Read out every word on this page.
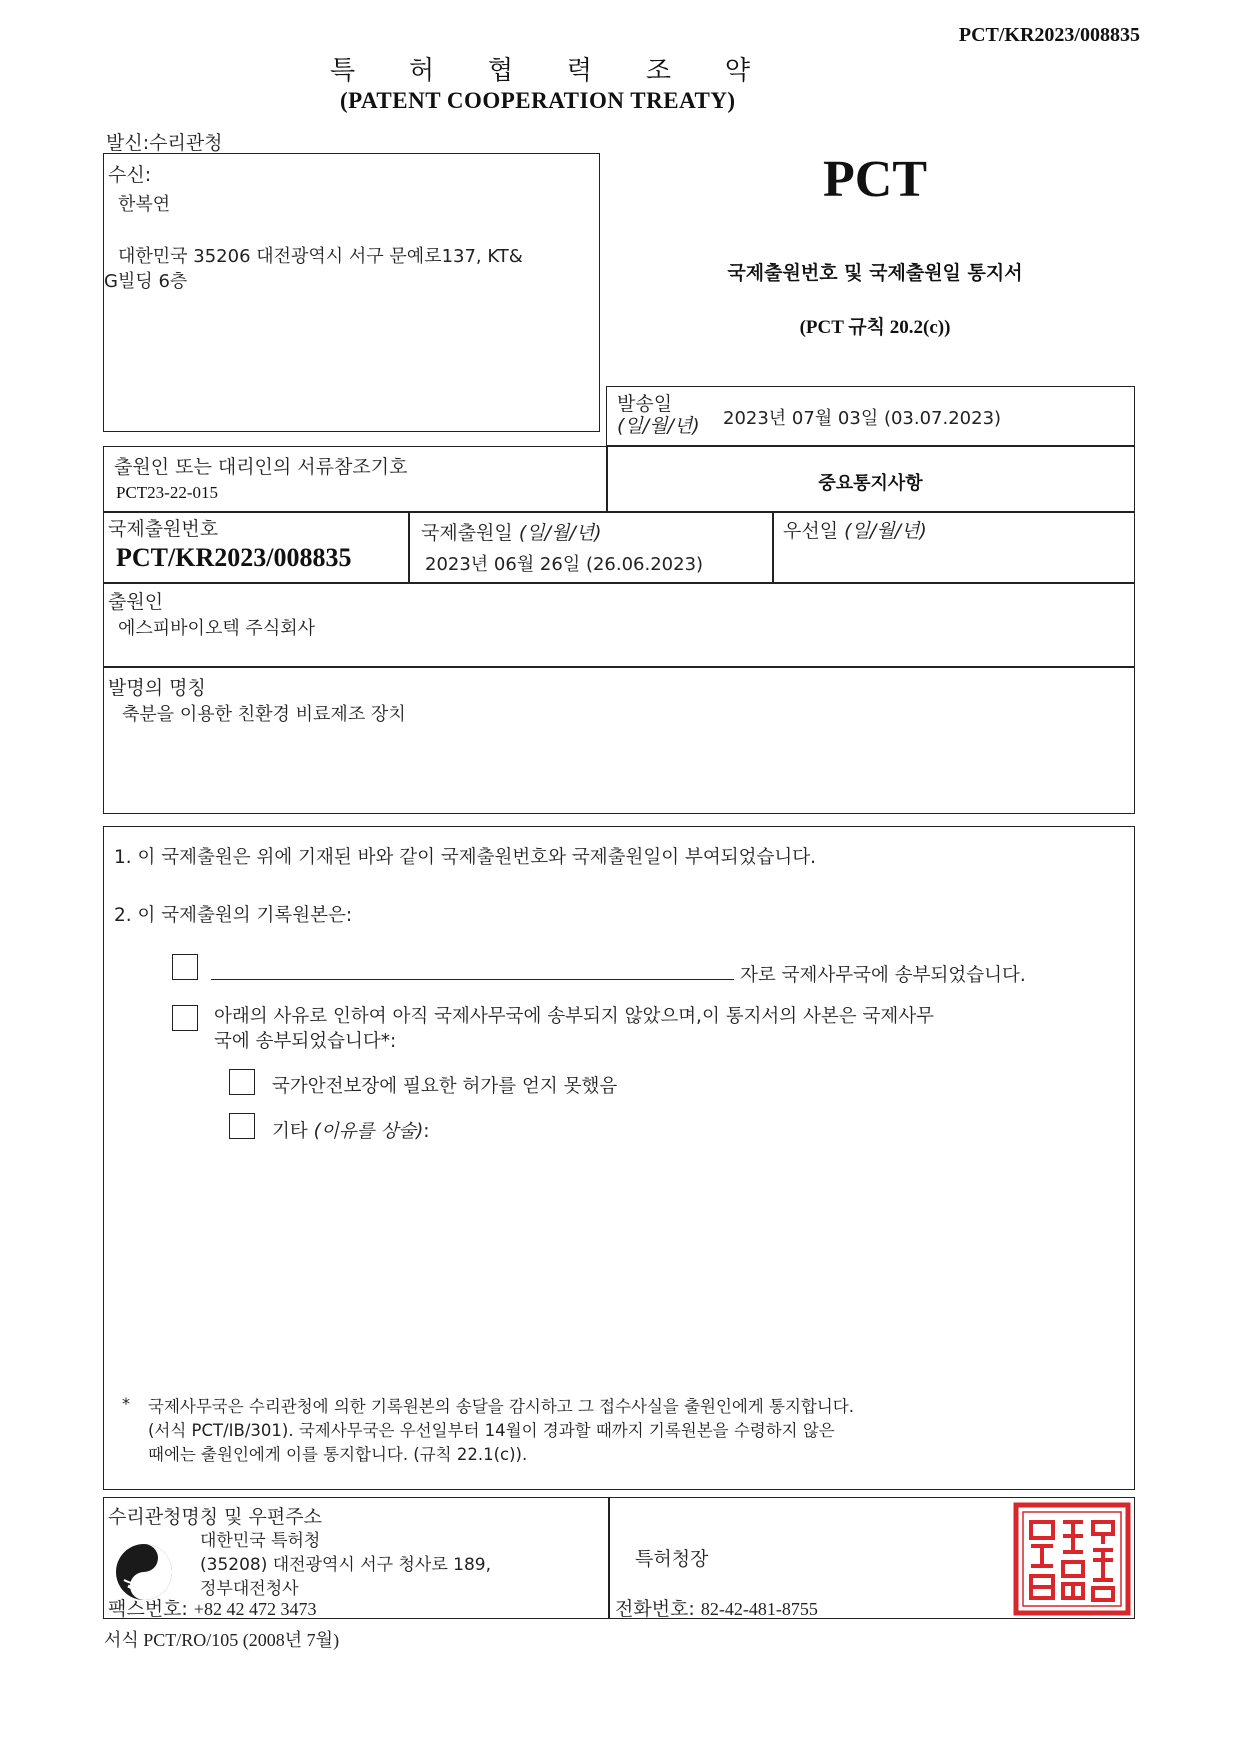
PCT/KR2023/008835
특 허 협 력 조 약
(PATENT COOPERATION TREATY)
발신:수리관청
수신:
한복연
대한민국 35206 대전광역시 서구 문예로137, KT&
G빌딩 6층
PCT
국제출원번호 및 국제출원일 통지서
(PCT 규칙 20.2(c))
발송일
(일/월/년) 2023년 07월 03일 (03.07.2023)
출원인 또는 대리인의 서류참조기호
PCT23-22-015	중요통지사항
국제출원번호
PCT/KR2023/008835
국제출원일 (일/월/년)
2023년 06월 26일 (26.06.2023)
우선일 (일/월/년)
출원인
에스피바이오텍 주식회사
발명의 명칭
축분을 이용한 친환경 비료제조 장치
1. 이 국제출원은 위에 기재된 바와 같이 국제출원번호와 국제출원일이 부여되었습니다.
2. 이 국제출원의 기록원본은:
자로 국제사무국에 송부되었습니다.
아래의 사유로 인하여 아직 국제사무국에 송부되지 않았으며,이 통지서의 사본은 국제사무
국에 송부되었습니다*:
국가안전보장에 필요한 허가를 얻지 못했음
기타 (이유를 상술):
* 국제사무국은 수리관청에 의한 기록원본의 송달을 감시하고 그 접수사실을 출원인에게 통지합니다.
(서식 PCT/IB/301). 국제사무국은 우선일부터 14월이 경과할 때까지 기록원본을 수령하지 않은
때에는 출원인에게 이를 통지합니다. (규칙 22.1(c)).
수리관청명칭 및 우편주소
대한민국 특허청
(35208) 대전광역시 서구 청사로 189,
정부대전청사
팩스번호: +82 42 472 3473
특허청장
전화번호: 82-42-481-8755
서식 PCT/RO/105 (2008년 7월)
